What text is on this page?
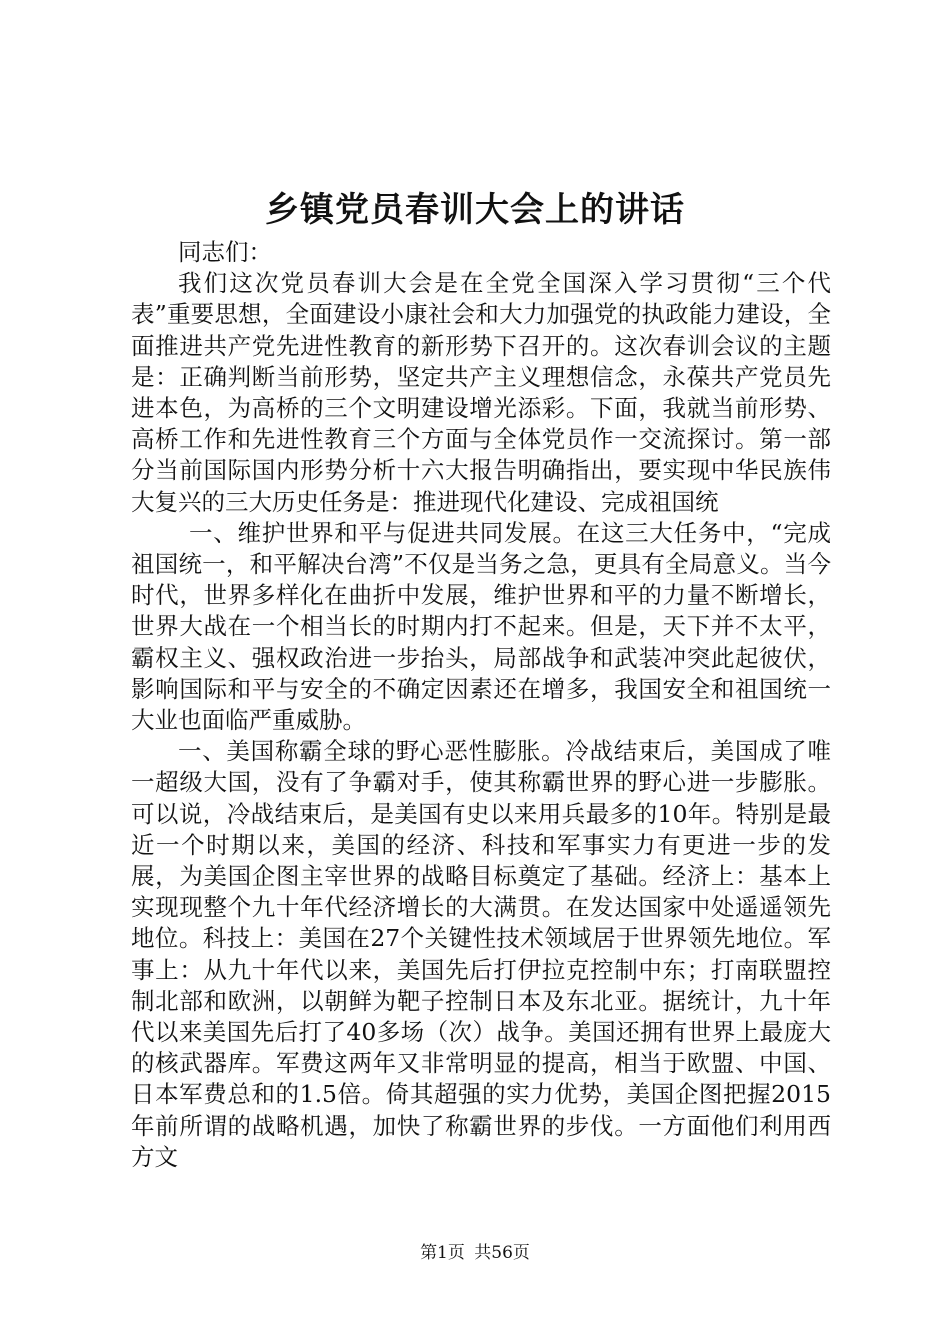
乡镇党员春训大会上的讲话

同志们：

我们这次党员春训大会是在全党全国深入学习贯彻“三个代表”重要思想，全面建设小康社会和大力加强党的执政能力建设，全面推进共产党先进性教育的新形势下召开的。这次春训会议的主题是：正确判断当前形势，坚定共产主义理想信念，永葆共产党员先进本色，为高桥的三个文明建设增光添彩。下面，我就当前形势、高桥工作和先进性教育三个方面与全体党员作一交流探讨。第一部分当前国际国内形势分析十六大报告明确指出，要实现中华民族伟大复兴的三大历史任务是：推进现代化建设、完成祖国统

一、维护世界和平与促进共同发展。在这三大任务中，“完成祖国统一，和平解决台湾”不仅是当务之急，更具有全局意义。当今时代，世界多样化在曲折中发展，维护世界和平的力量不断增长，世界大战在一个相当长的时期内打不起来。但是，天下并不太平，霸权主义、强权政治进一步抬头，局部战争和武装冲突此起彼伏，影响国际和平与安全的不确定因素还在增多，我国安全和祖国统一大业也面临严重威胁。

一、美国称霸全球的野心恶性膨胀。冷战结束后，美国成了唯一超级大国，没有了争霸对手，使其称霸世界的野心进一步膨胀。可以说，冷战结束后，是美国有史以来用兵最多的10年。特别是最近一个时期以来，美国的经济、科技和军事实力有更进一步的发展，为美国企图主宰世界的战略目标奠定了基础。经济上：基本上实现现整个九十年代经济增长的大满贯。在发达国家中处遥遥领先地位。科技上：美国在27个关键性技术领域居于世界领先地位。军事上：从九十年代以来，美国先后打伊拉克控制中东；打南联盟控制北部和欧洲，以朝鲜为靶子控制日本及东北亚。据统计，九十年代以来美国先后打了40多场（次）战争。美国还拥有世界上最庞大的核武器库。军费这两年又非常明显的提高，相当于欧盟、中国、日本军费总和的1.5倍。倚其超强的实力优势，美国企图把握2015年前所谓的战略机遇，加快了称霸世界的步伐。一方面他们利用西方文

第1页 共56页
